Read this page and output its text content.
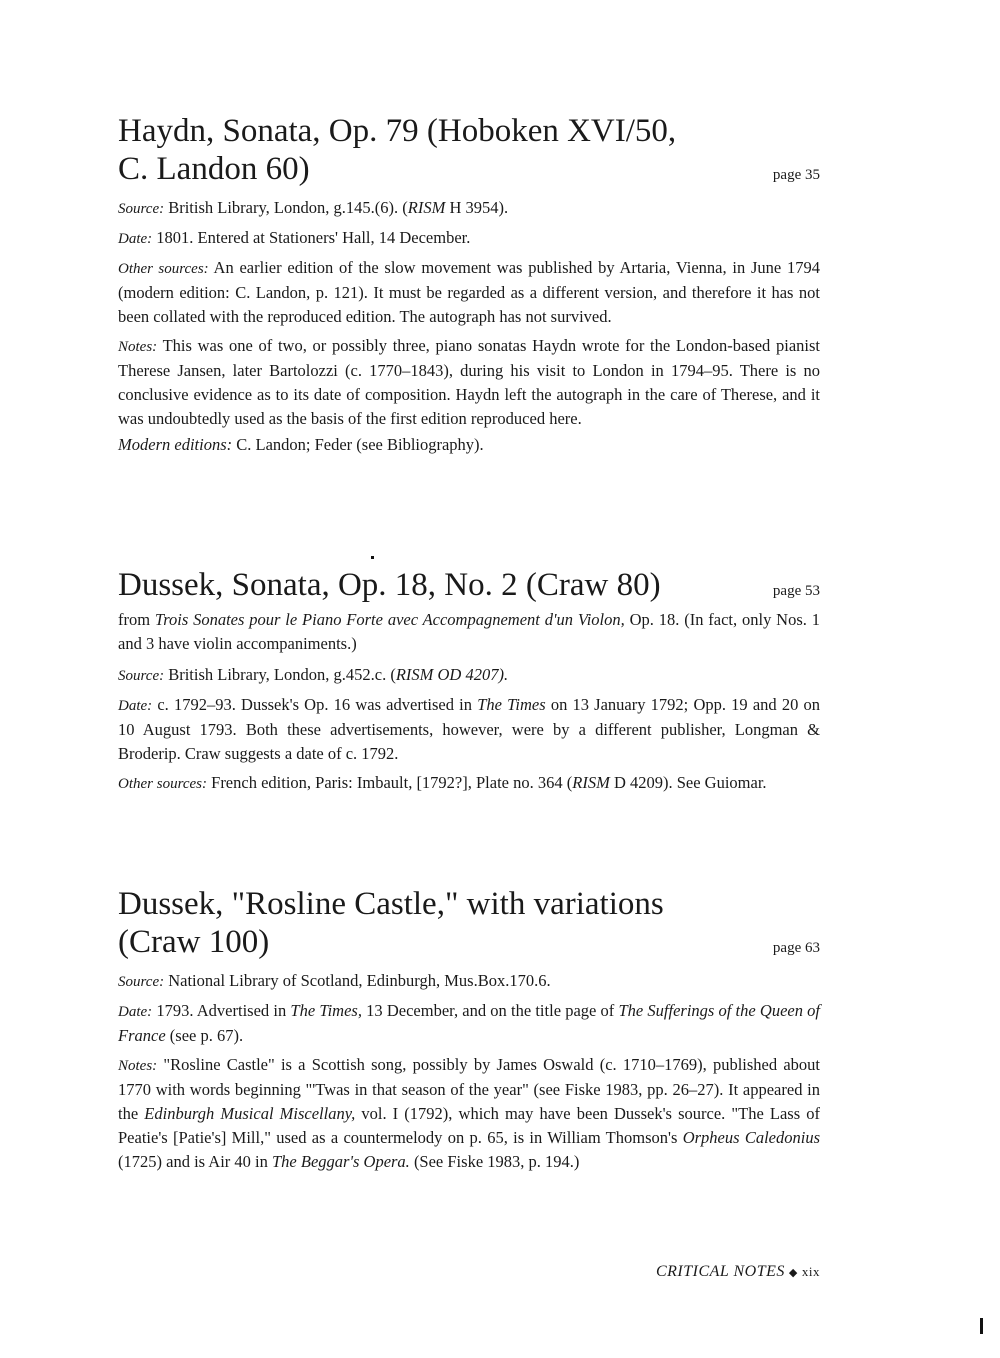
Haydn, Sonata, Op. 79 (Hoboken XVI/50,
C. Landon 60)	page 35

Source: British Library, London, g.145.(6). (RISM H 3954).

Date: 1801. Entered at Stationers' Hall, 14 December.

Other sources: An earlier edition of the slow movement was published by Artaria, Vienna, in June 1794 (modern edition: C. Landon, p. 121). It must be regarded as a different version, and therefore it has not been collated with the reproduced edition. The autograph has not survived.

Notes: This was one of two, or possibly three, piano sonatas Haydn wrote for the London-based pianist Therese Jansen, later Bartolozzi (c. 1770–1843), during his visit to London in 1794–95. There is no conclusive evidence as to its date of composition. Haydn left the autograph in the care of Therese, and it was undoubtedly used as the basis of the first edition reproduced here.

Modern editions: C. Landon; Feder (see Bibliography).

Dussek, Sonata, Op. 18, No. 2 (Craw 80)	page 53

from Trois Sonates pour le Piano Forte avec Accompagnement d'un Violon, Op. 18. (In fact, only Nos. 1 and 3 have violin accompaniments.)

Source: British Library, London, g.452.c. (RISM OD 4207).

Date: c. 1792–93. Dussek's Op. 16 was advertised in The Times on 13 January 1792; Opp. 19 and 20 on 10 August 1793. Both these advertisements, however, were by a different publisher, Longman & Broderip. Craw suggests a date of c. 1792.

Other sources: French edition, Paris: Imbault, [1792?], Plate no. 364 (RISM D 4209). See Guiomar.

Dussek, "Rosline Castle," with variations
(Craw 100)	page 63

Source: National Library of Scotland, Edinburgh, Mus.Box.170.6.

Date: 1793. Advertised in The Times, 13 December, and on the title page of The Sufferings of the Queen of France (see p. 67).

Notes: "Rosline Castle" is a Scottish song, possibly by James Oswald (c. 1710–1769), published about 1770 with words beginning "'Twas in that season of the year" (see Fiske 1983, pp. 26–27). It appeared in the Edinburgh Musical Miscellany, vol. I (1792), which may have been Dussek's source. "The Lass of Peatie's [Patie's] Mill," used as a countermelody on p. 65, is in William Thomson's Orpheus Caledonius (1725) and is Air 40 in The Beggar's Opera. (See Fiske 1983, p. 194.)

CRITICAL NOTES ◆ xix
